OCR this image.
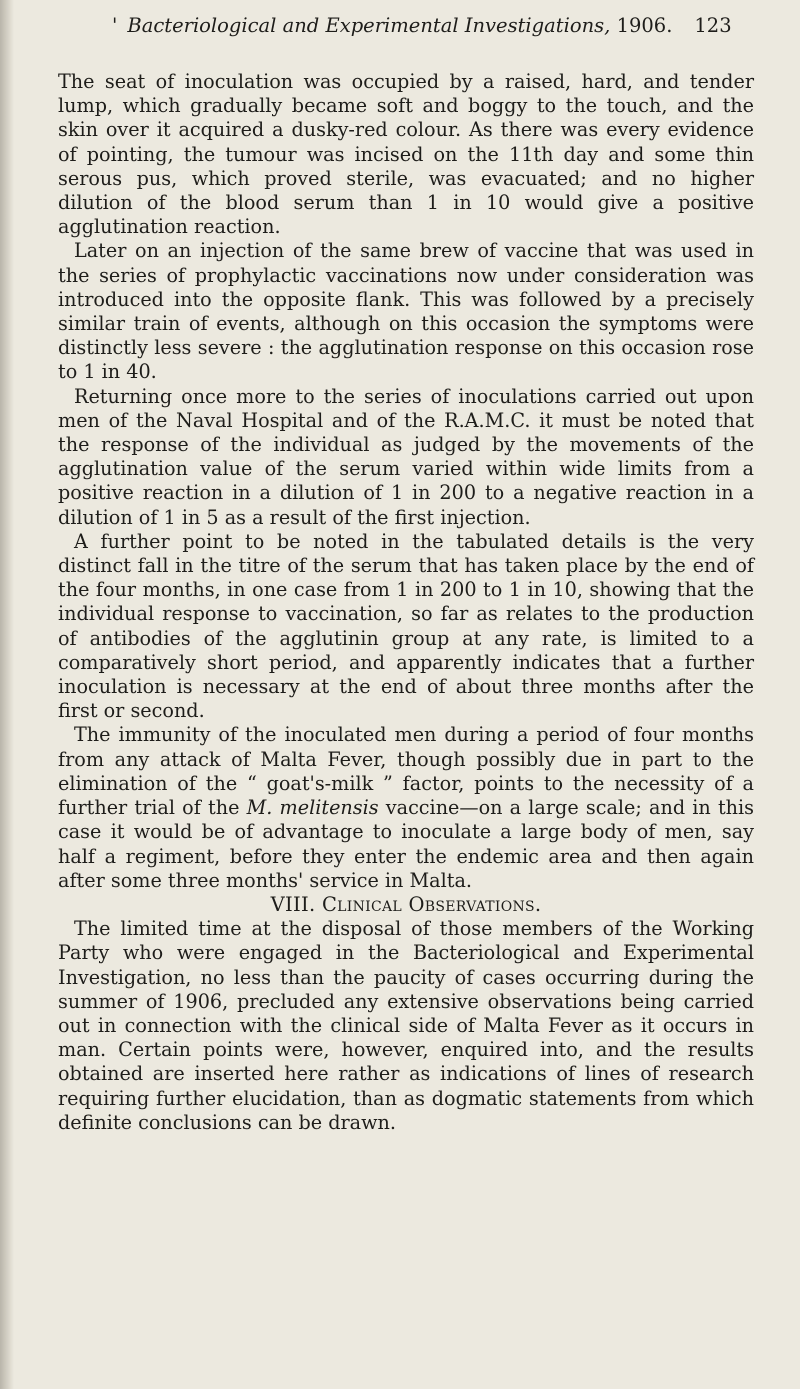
' Bacteriological and Experimental Investigations, 1906. 123

The seat of inoculation was occupied by a raised, hard, and tender lump, which gradually became soft and boggy to the touch, and the skin over it acquired a dusky-red colour. As there was every evidence of pointing, the tumour was incised on the 11th day and some thin serous pus, which proved sterile, was evacuated; and no higher dilution of the blood serum than 1 in 10 would give a positive agglutination reaction.

Later on an injection of the same brew of vaccine that was used in the series of prophylactic vaccinations now under consideration was introduced into the opposite flank. This was followed by a precisely similar train of events, although on this occasion the symptoms were distinctly less severe : the agglutination response on this occasion rose to 1 in 40.

Returning once more to the series of inoculations carried out upon men of the Naval Hospital and of the R.A.M.C. it must be noted that the response of the individual as judged by the movements of the agglutination value of the serum varied within wide limits from a positive reaction in a dilution of 1 in 200 to a negative reaction in a dilution of 1 in 5 as a result of the first injection.

A further point to be noted in the tabulated details is the very distinct fall in the titre of the serum that has taken place by the end of the four months, in one case from 1 in 200 to 1 in 10, showing that the individual response to vaccination, so far as relates to the production of antibodies of the agglutinin group at any rate, is limited to a comparatively short period, and apparently indicates that a further inoculation is necessary at the end of about three months after the first or second.

The immunity of the inoculated men during a period of four months from any attack of Malta Fever, though possibly due in part to the elimination of the “ goat's-milk ” factor, points to the necessity of a further trial of the M. melitensis vaccine—on a large scale; and in this case it would be of advantage to inoculate a large body of men, say half a regiment, before they enter the endemic area and then again after some three months' service in Malta.

VIII. Clinical Observations.

The limited time at the disposal of those members of the Working Party who were engaged in the Bacteriological and Experimental Investigation, no less than the paucity of cases occurring during the summer of 1906, precluded any extensive observations being carried out in connection with the clinical side of Malta Fever as it occurs in man. Certain points were, however, enquired into, and the results obtained are inserted here rather as indications of lines of research requiring further elucidation, than as dogmatic statements from which definite conclusions can be drawn.
